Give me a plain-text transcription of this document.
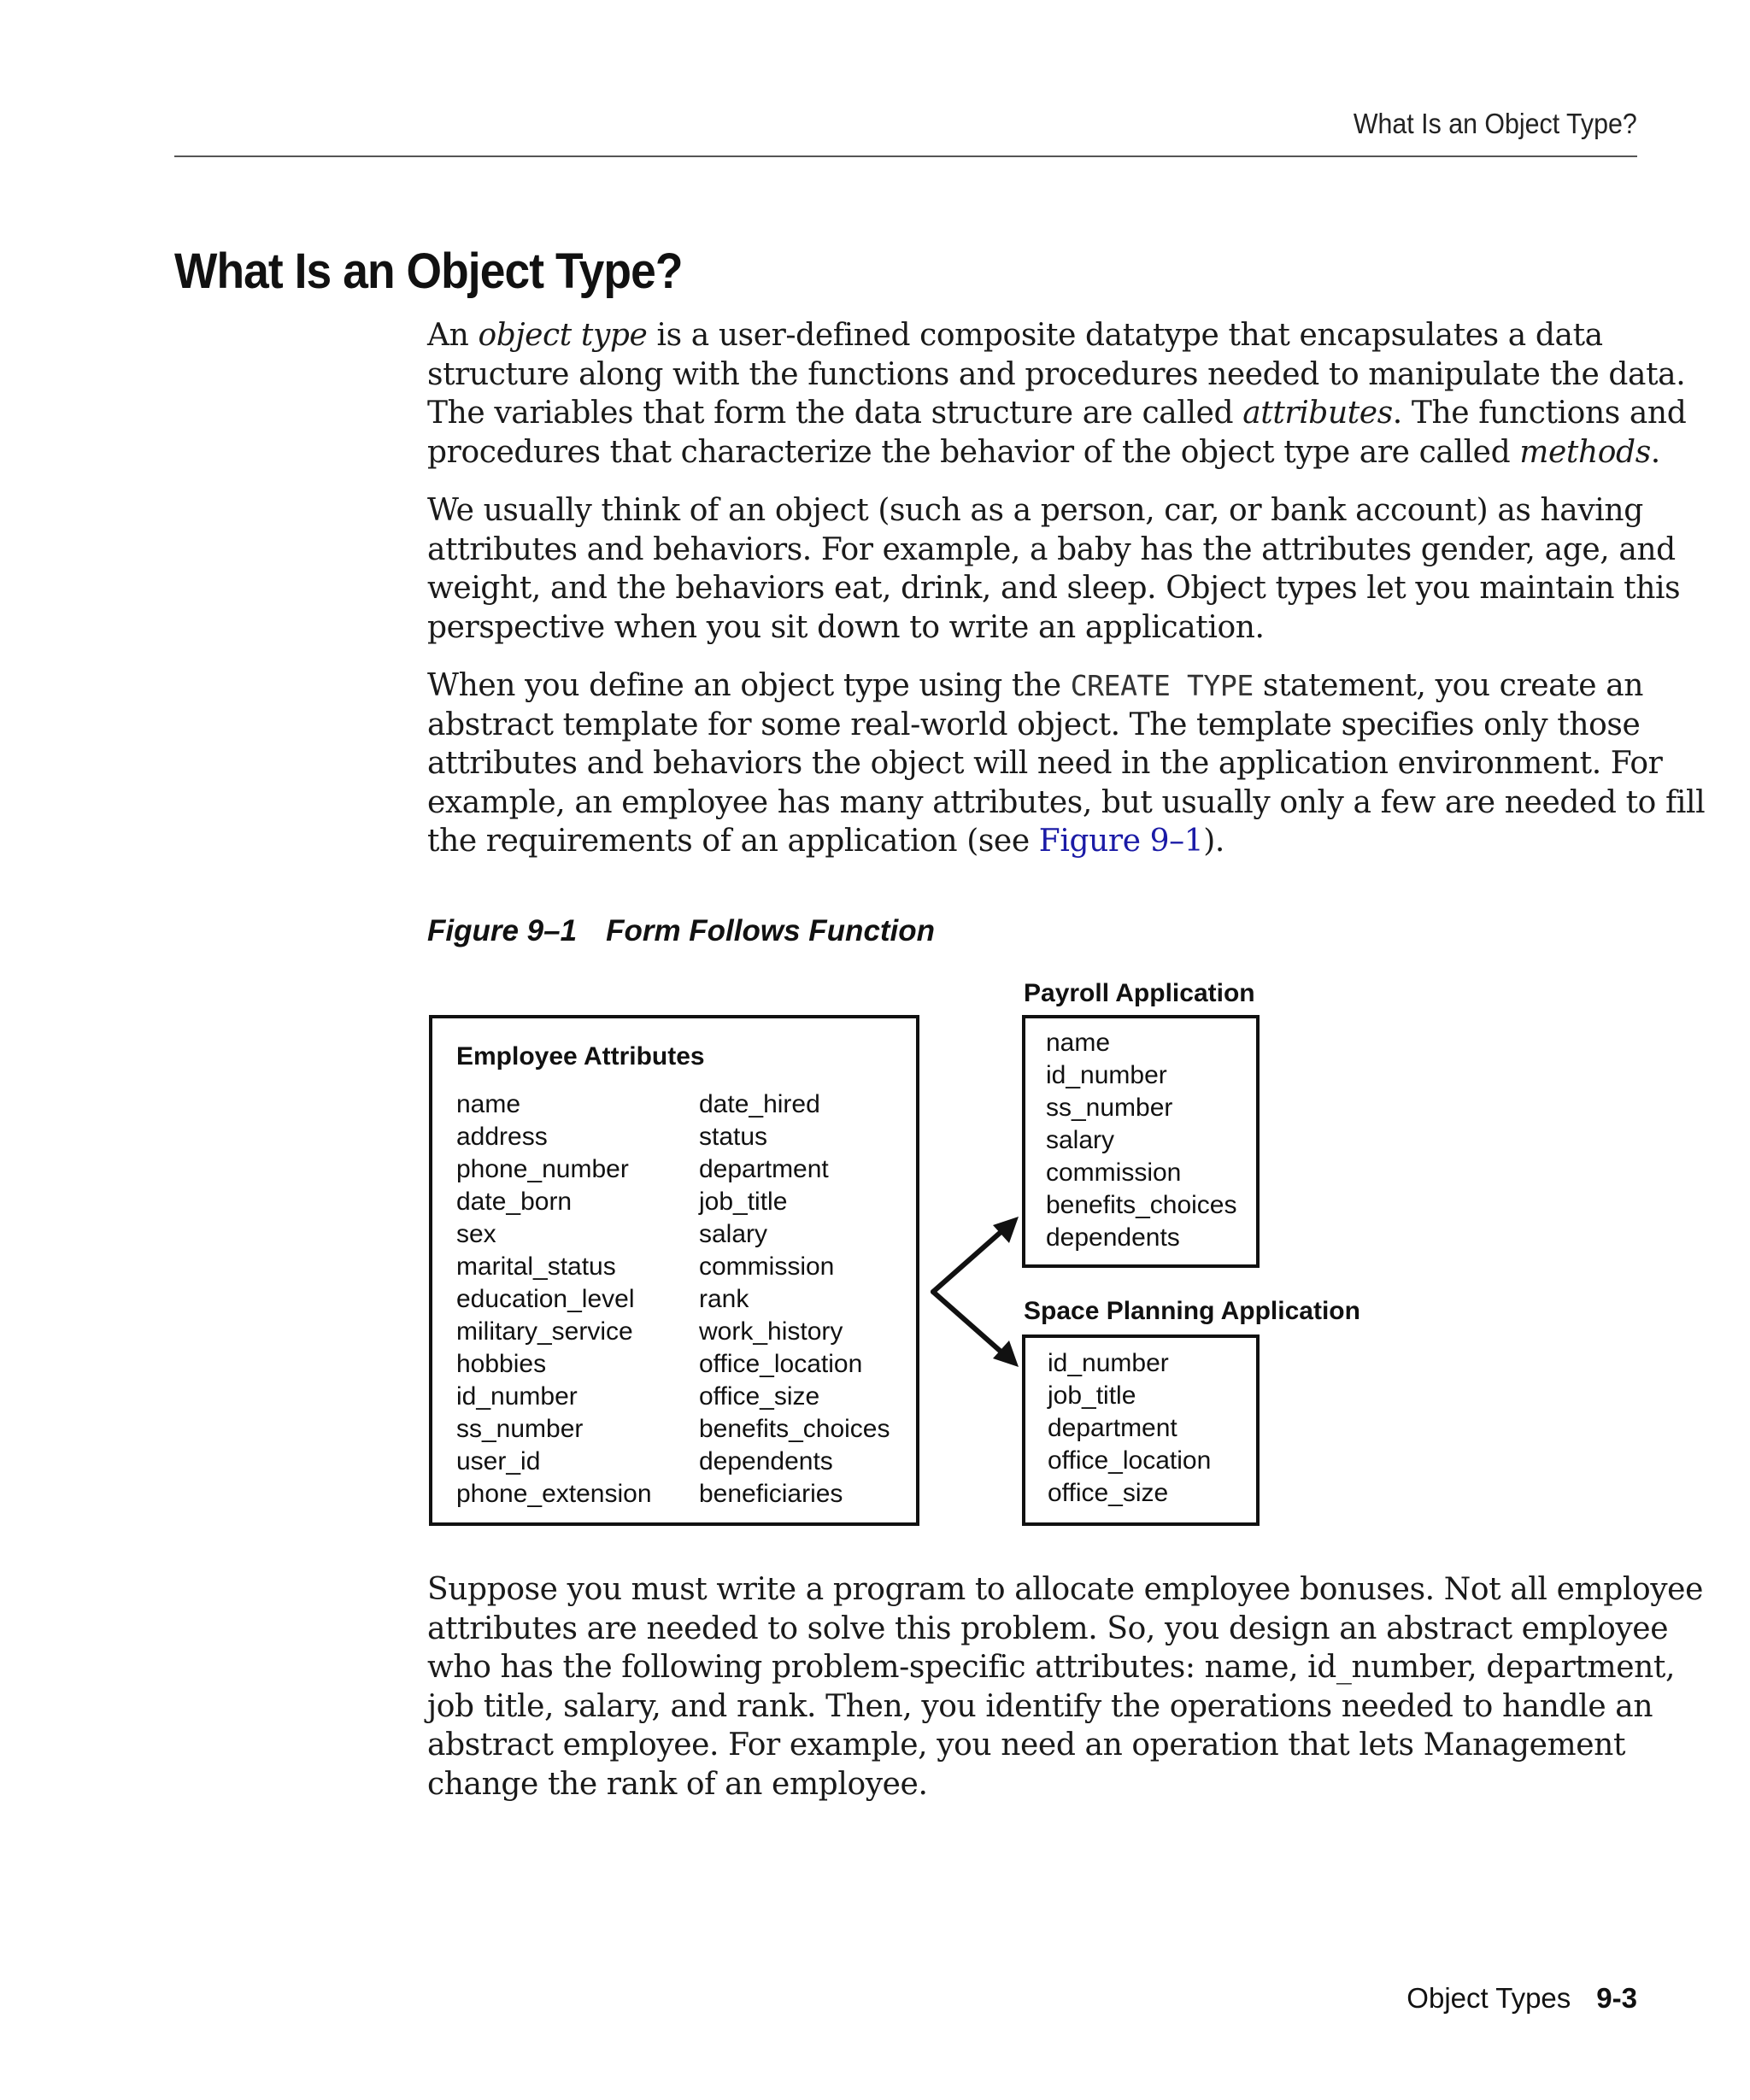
What Is an Object Type?
What Is an Object Type?
An object type is a user-defined composite datatype that encapsulates a data
structure along with the functions and procedures needed to manipulate the data.
The variables that form the data structure are called attributes. The functions and
procedures that characterize the behavior of the object type are called methods.
We usually think of an object (such as a person, car, or bank account) as having
attributes and behaviors. For example, a baby has the attributes gender, age, and
weight, and the behaviors eat, drink, and sleep. Object types let you maintain this
perspective when you sit down to write an application.
When you define an object type using the CREATE TYPE statement, you create an
abstract template for some real-world object. The template specifies only those
attributes and behaviors the object will need in the application environment. For
example, an employee has many attributes, but usually only a few are needed to fill
the requirements of an application (see Figure 9–1).
Figure 9–1 Form Follows Function
Employee Attributes
name
address
phone_number
date_born
sex
marital_status
education_level
military_service
hobbies
id_number
ss_number
user_id
phone_extension
date_hired
status
department
job_title
salary
commission
rank
work_history
office_location
office_size
benefits_choices
dependents
beneficiaries
Payroll Application
name
id_number
ss_number
salary
commission
benefits_choices
dependents
Space Planning Application
id_number
job_title
department
office_location
office_size
Suppose you must write a program to allocate employee bonuses. Not all employee
attributes are needed to solve this problem. So, you design an abstract employee
who has the following problem-specific attributes: name, id_number, department,
job title, salary, and rank. Then, you identify the operations needed to handle an
abstract employee. For example, you need an operation that lets Management
change the rank of an employee.
Object Types 9-3
